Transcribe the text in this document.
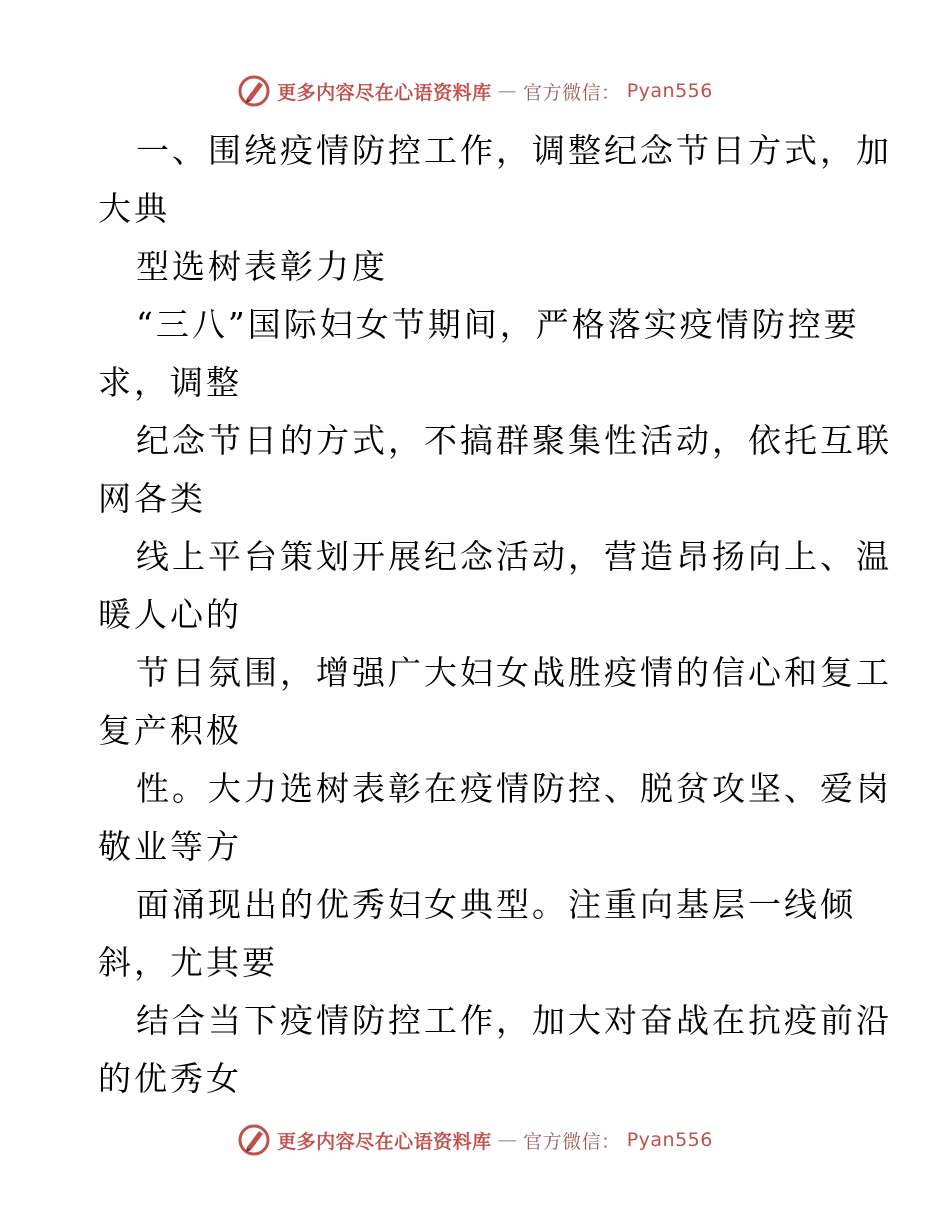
更多内容尽在心语资料库 — 官方微信： Pyan556
一、围绕疫情防控工作，调整纪念节日方式，加
大典
型选树表彰力度
“三八”国际妇女节期间，严格落实疫情防控要
求，调整
纪念节日的方式，不搞群聚集性活动，依托互联
网各类
线上平台策划开展纪念活动，营造昂扬向上、温
暖人心的
节日氛围，增强广大妇女战胜疫情的信心和复工
复产积极
性。大力选树表彰在疫情防控、脱贫攻坚、爱岗
敬业等方
面涌现出的优秀妇女典型。注重向基层一线倾
斜，尤其要
结合当下疫情防控工作，加大对奋战在抗疫前沿
的优秀女
更多内容尽在心语资料库 — 官方微信： Pyan556
